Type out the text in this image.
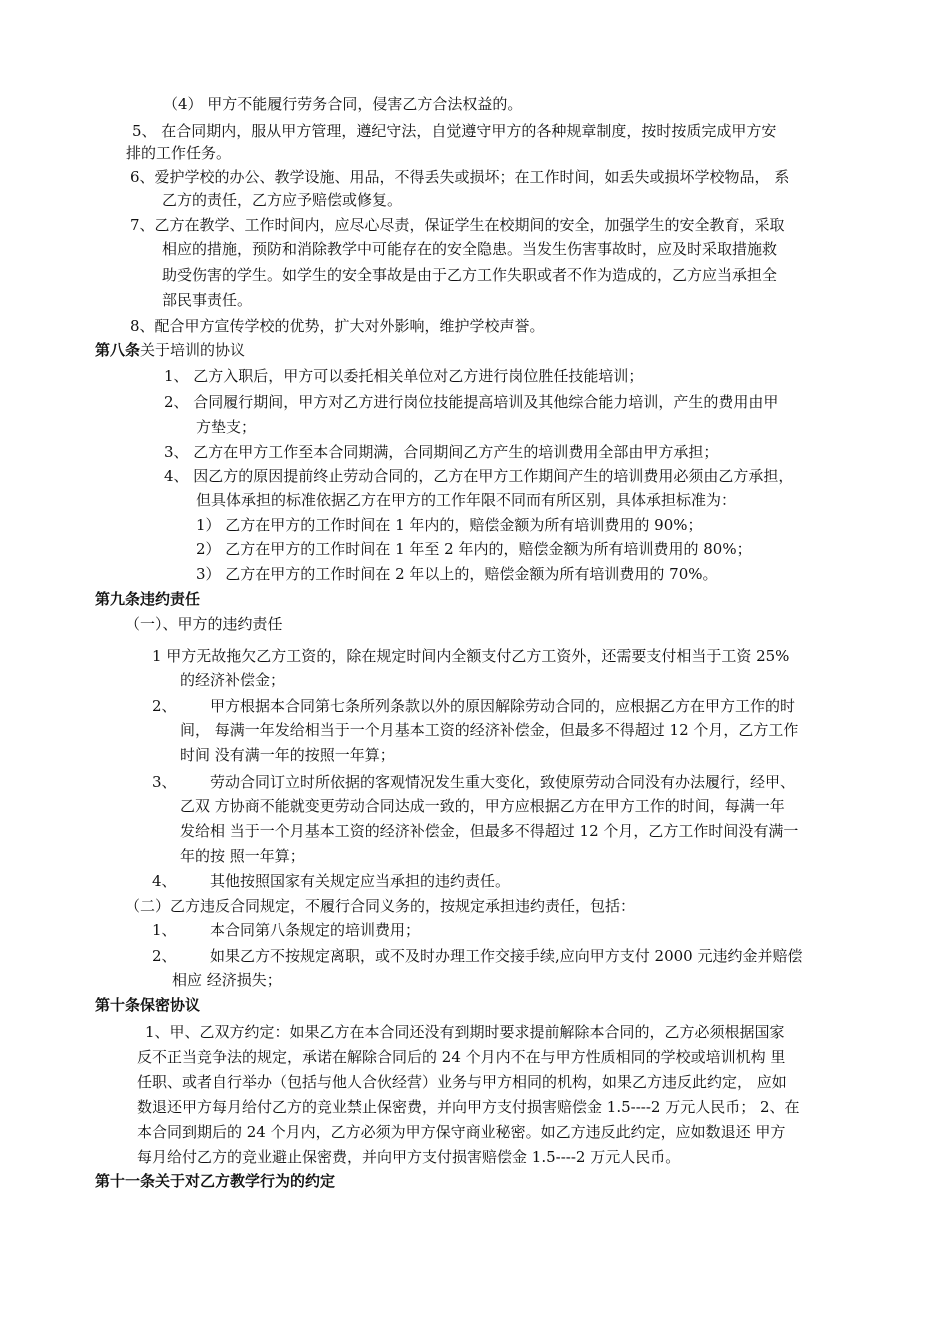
（4） 甲方不能履行劳务合同，侵害乙方合法权益的。
5、 在合同期内，服从甲方管理，遵纪守法，自觉遵守甲方的各种规章制度，按时按质完成甲方安
排的工作任务。
6、爱护学校的办公、教学设施、用品，不得丢失或损坏；在工作时间，如丢失或损坏学校物品， 系
乙方的责任，乙方应予赔偿或修复。
7、乙方在教学、工作时间内，应尽心尽责，保证学生在校期间的安全，加强学生的安全教育，采取
相应的措施，预防和消除教学中可能存在的安全隐患。当发生伤害事故时，应及时采取措施救
助受伤害的学生。如学生的安全事故是由于乙方工作失职或者不作为造成的，乙方应当承担全
部民事责任。
8、配合甲方宣传学校的优势，扩大对外影响，维护学校声誉。
第八条关于培训的协议
1、 乙方入职后，甲方可以委托相关单位对乙方进行岗位胜任技能培训；
2、 合同履行期间，甲方对乙方进行岗位技能提高培训及其他综合能力培训，产生的费用由甲
方垫支；
3、 乙方在甲方工作至本合同期满，合同期间乙方产生的培训费用全部由甲方承担；
4、 因乙方的原因提前终止劳动合同的，乙方在甲方工作期间产生的培训费用必须由乙方承担，
但具体承担的标准依据乙方在甲方的工作年限不同而有所区别，具体承担标准为：
1） 乙方在甲方的工作时间在 1 年内的，赔偿金额为所有培训费用的 90%；
2） 乙方在甲方的工作时间在 1 年至 2 年内的，赔偿金额为所有培训费用的 80%；
3） 乙方在甲方的工作时间在 2 年以上的，赔偿金额为所有培训费用的 70%。
第九条违约责任
（一）、甲方的违约责任
1 甲方无故拖欠乙方工资的，除在规定时间内全额支付乙方工资外，还需要支付相当于工资 25%
的经济补偿金；
2、 甲方根据本合同第七条所列条款以外的原因解除劳动合同的，应根据乙方在甲方工作的时
间， 每满一年发给相当于一个月基本工资的经济补偿金，但最多不得超过 12 个月，乙方工作
时间 没有满一年的按照一年算；
3、 劳动合同订立时所依据的客观情况发生重大变化，致使原劳动合同没有办法履行，经甲、
乙双 方协商不能就变更劳动合同达成一致的，甲方应根据乙方在甲方工作的时间，每满一年
发给相 当于一个月基本工资的经济补偿金，但最多不得超过 12 个月，乙方工作时间没有满一
年的按 照一年算；
4、 其他按照国家有关规定应当承担的违约责任。
（二）乙方违反合同规定，不履行合同义务的，按规定承担违约责任，包括：
1、 本合同第八条规定的培训费用；
2、 如果乙方不按规定离职，或不及时办理工作交接手续,应向甲方支付 2000 元违约金并赔偿
相应 经济损失；
第十条保密协议
1、甲、乙双方约定：如果乙方在本合同还没有到期时要求提前解除本合同的，乙方必须根据国家
反不正当竞争法的规定，承诺在解除合同后的 24 个月内不在与甲方性质相同的学校或培训机构 里
任职、或者自行举办（包括与他人合伙经营）业务与甲方相同的机构，如果乙方违反此约定， 应如
数退还甲方每月给付乙方的竞业禁止保密费，并向甲方支付损害赔偿金 1.5----2 万元人民币； 2、在
本合同到期后的 24 个月内，乙方必须为甲方保守商业秘密。如乙方违反此约定，应如数退还 甲方
每月给付乙方的竞业避止保密费，并向甲方支付损害赔偿金 1.5----2 万元人民币。
第十一条关于对乙方教学行为的约定
